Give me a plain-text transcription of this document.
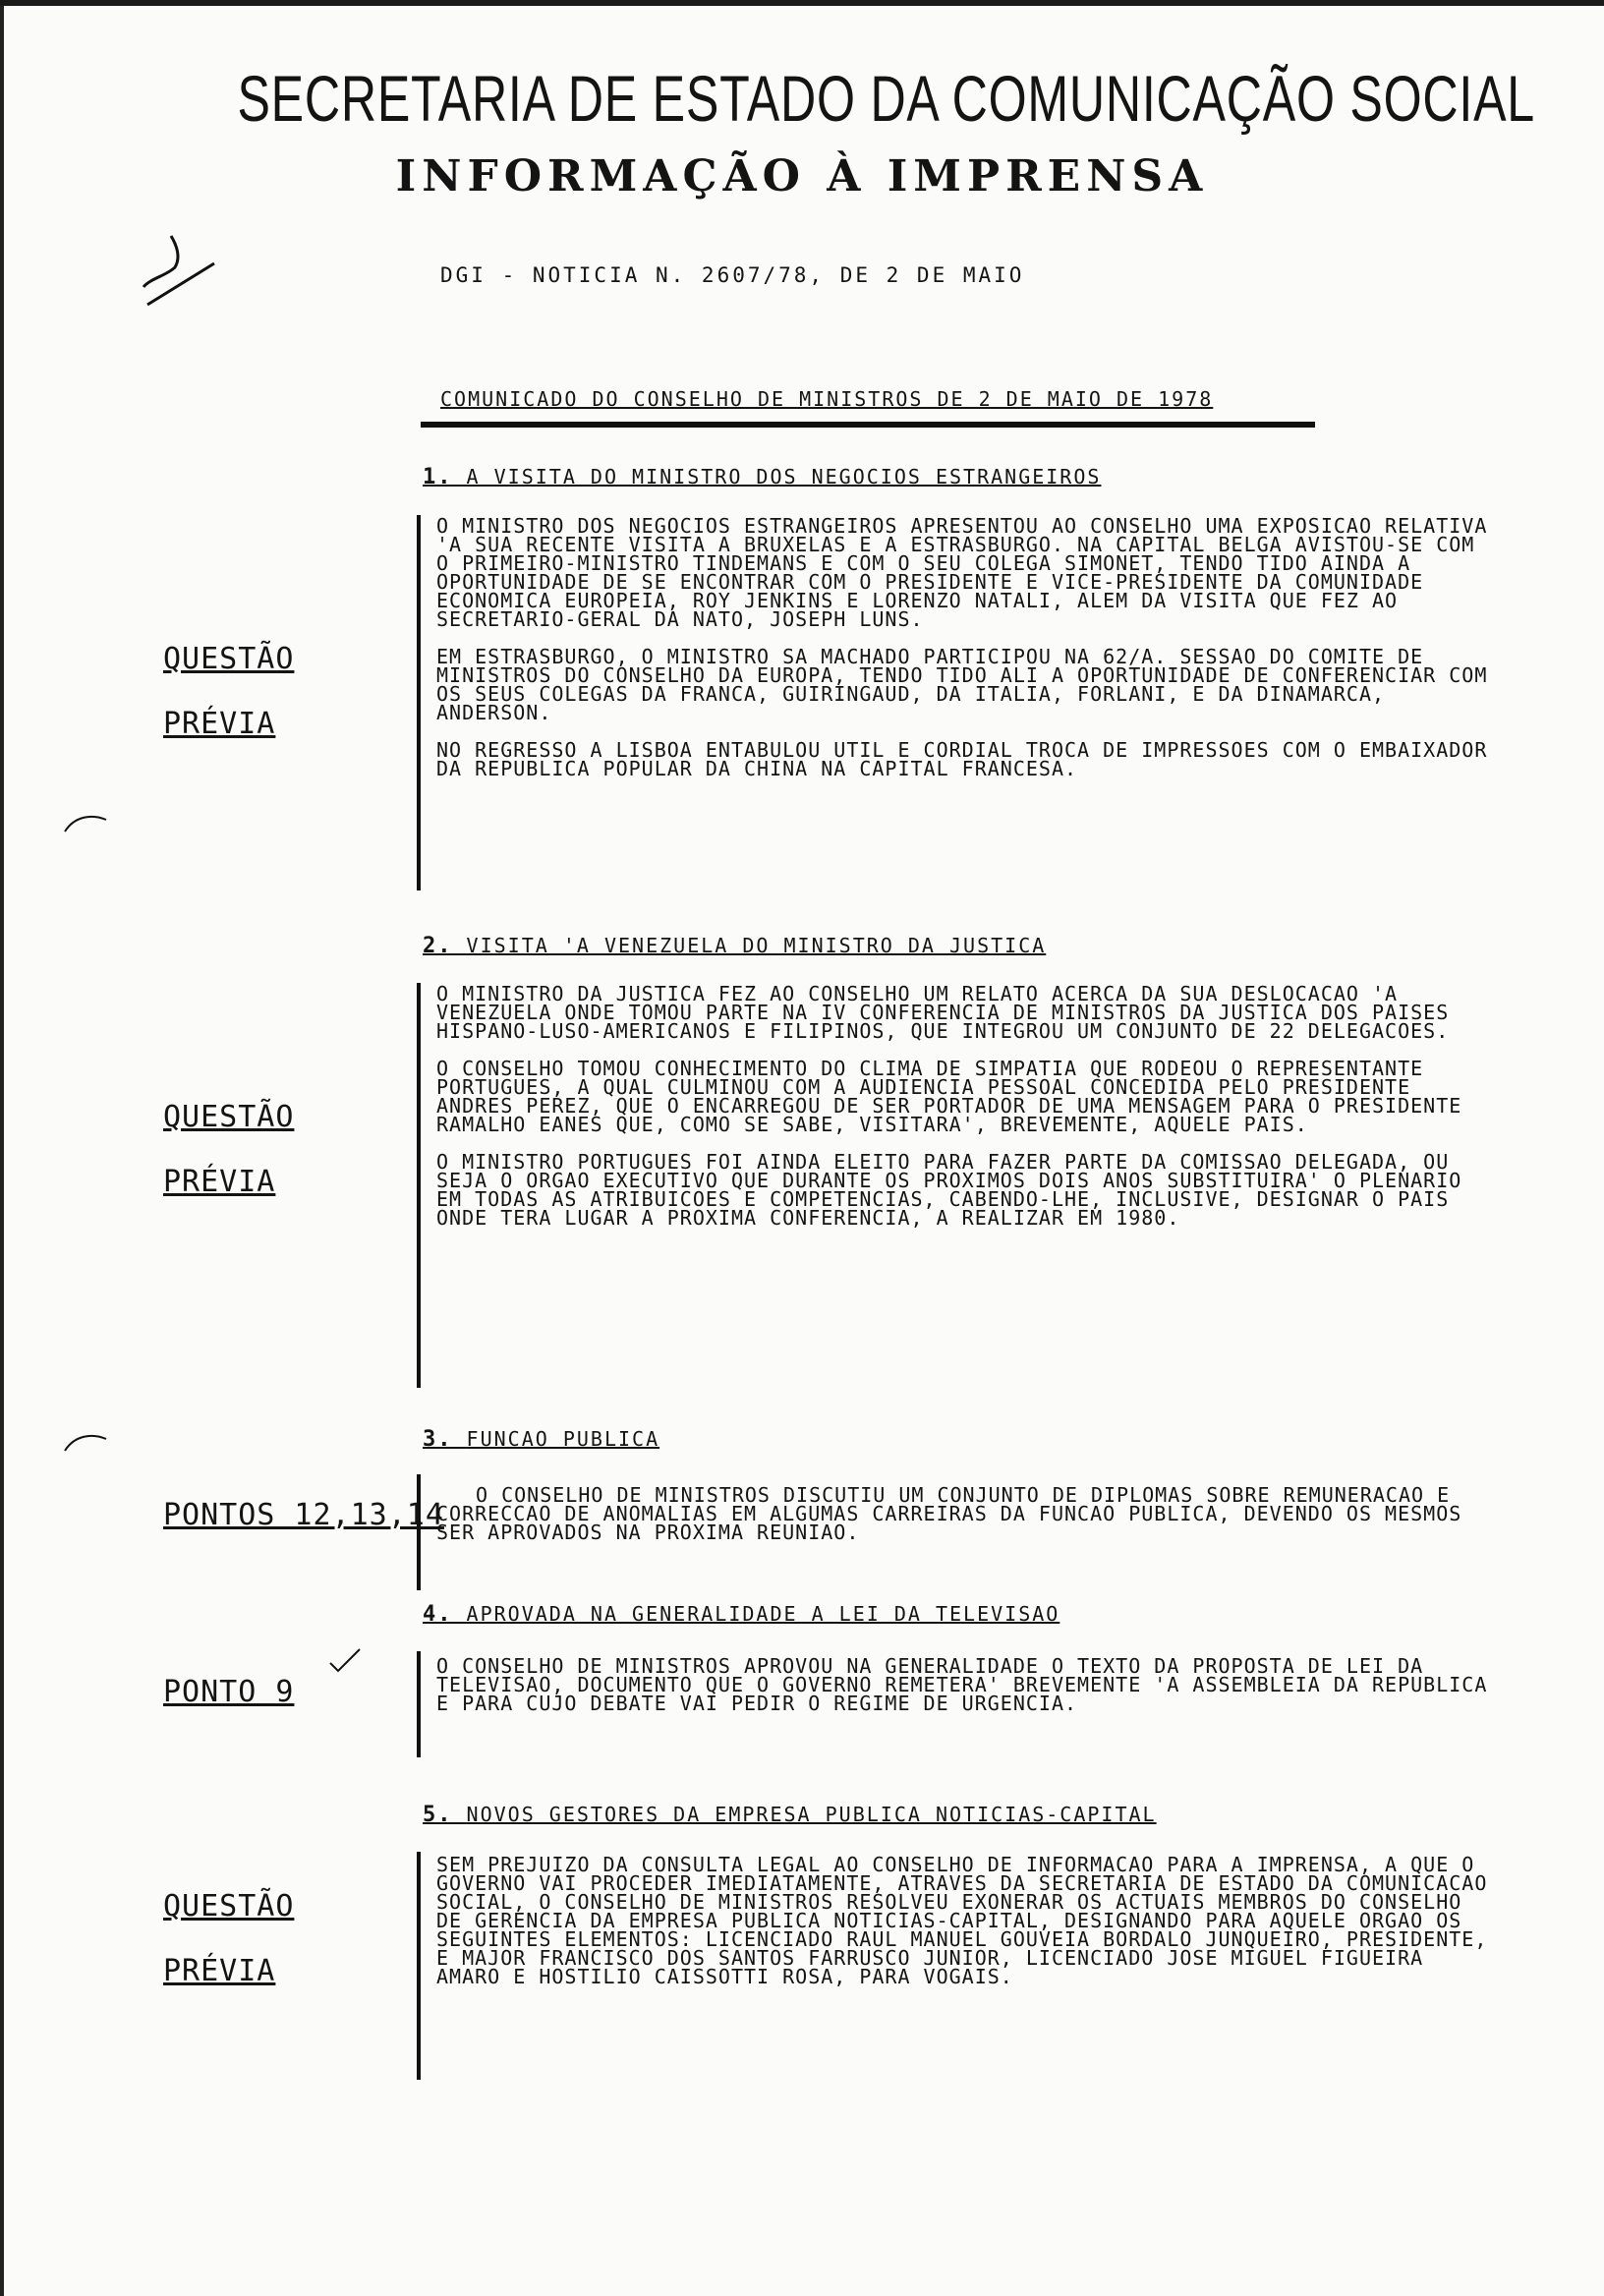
SECRETARIA DE ESTADO DA COMUNICAÇÃO SOCIAL
INFORMAÇÃO À IMPRENSA
DGI - NOTICIA N. 2607/78, DE 2 DE MAIO
COMUNICADO DO CONSELHO DE MINISTROS DE 2 DE MAIO DE 1978
1. A VISITA DO MINISTRO DOS NEGOCIOS ESTRANGEIROS

O MINISTRO DOS NEGOCIOS ESTRANGEIROS APRESENTOU AO CONSELHO UMA EXPOSICAO RELATIVA 'A SUA RECENTE VISITA A BRUXELAS E A ESTRASBURGO. NA CAPITAL BELGA AVISTOU-SE COM O PRIMEIRO-MINISTRO TINDEMANS E COM O SEU COLEGA SIMONET, TENDO TIDO AINDA A OPORTUNIDADE DE SE ENCONTRAR COM O PRESIDENTE E VICE-PRESIDENTE DA COMUNIDADE ECONOMICA EUROPEIA, ROY JENKINS E LORENZO NATALI, ALEM DA VISITA QUE FEZ AO SECRETARIO-GERAL DA NATO, JOSEPH LUNS.

EM ESTRASBURGO, O MINISTRO SA MACHADO PARTICIPOU NA 62/A. SESSAO DO COMITE DE MINISTROS DO CONSELHO DA EUROPA, TENDO TIDO ALI A OPORTUNIDADE DE CONFERENCIAR COM OS SEUS COLEGAS DA FRANCA, GUIRINGAUD, DA ITALIA, FORLANI, E DA DINAMARCA, ANDERSON.

NO REGRESSO A LISBOA ENTABULOU UTIL E CORDIAL TROCA DE IMPRESSOES COM O EMBAIXADOR DA REPUBLICA POPULAR DA CHINA NA CAPITAL FRANCESA.

QUESTÃO
PRÉVIA
2. VISITA 'A VENEZUELA DO MINISTRO DA JUSTICA

O MINISTRO DA JUSTICA FEZ AO CONSELHO UM RELATO ACERCA DA SUA DESLOCACAO 'A VENEZUELA ONDE TOMOU PARTE NA IV CONFERENCIA DE MINISTROS DA JUSTICA DOS PAISES HISPANO-LUSO-AMERICANOS E FILIPINOS, QUE INTEGROU UM CONJUNTO DE 22 DELEGACOES.

O CONSELHO TOMOU CONHECIMENTO DO CLIMA DE SIMPATIA QUE RODEOU O REPRESENTANTE PORTUGUES, A QUAL CULMINOU COM A AUDIENCIA PESSOAL CONCEDIDA PELO PRESIDENTE ANDRES PEREZ, QUE O ENCARREGOU DE SER PORTADOR DE UMA MENSAGEM PARA O PRESIDENTE RAMALHO EANES QUE, COMO SE SABE, VISITARA', BREVEMENTE, AQUELE PAIS.

O MINISTRO PORTUGUES FOI AINDA ELEITO PARA FAZER PARTE DA COMISSAO DELEGADA, OU SEJA O ORGAO EXECUTIVO QUE DURANTE OS PROXIMOS DOIS ANOS SUBSTITUIRA' O PLENARIO EM TODAS AS ATRIBUICOES E COMPETENCIAS, CABENDO-LHE, INCLUSIVE, DESIGNAR O PAIS ONDE TERA LUGAR A PROXIMA CONFERENCIA, A REALIZAR EM 1980.

QUESTÃO
PRÉVIA
3. FUNCAO PUBLICA

O CONSELHO DE MINISTROS DISCUTIU UM CONJUNTO DE DIPLOMAS SOBRE REMUNERACAO E CORRECCAO DE ANOMALIAS EM ALGUMAS CARREIRAS DA FUNCAO PUBLICA, DEVENDO OS MESMOS SER APROVADOS NA PROXIMA REUNIAO.

PONTOS 12,13,14
4. APROVADA NA GENERALIDADE A LEI DA TELEVISAO

O CONSELHO DE MINISTROS APROVOU NA GENERALIDADE O TEXTO DA PROPOSTA DE LEI DA TELEVISAO, DOCUMENTO QUE O GOVERNO REMETERA' BREVEMENTE 'A ASSEMBLEIA DA REPUBLICA E PARA CUJO DEBATE VAI PEDIR O REGIME DE URGENCIA.

PONTO 9
5. NOVOS GESTORES DA EMPRESA PUBLICA NOTICIAS-CAPITAL

SEM PREJUIZO DA CONSULTA LEGAL AO CONSELHO DE INFORMACAO PARA A IMPRENSA, A QUE O GOVERNO VAI PROCEDER IMEDIATAMENTE, ATRAVES DA SECRETARIA DE ESTADO DA COMUNICACAO SOCIAL, O CONSELHO DE MINISTROS RESOLVEU EXONERAR OS ACTUAIS MEMBROS DO CONSELHO DE GERENCIA DA EMPRESA PUBLICA NOTICIAS-CAPITAL, DESIGNANDO PARA AQUELE ORGAO OS SEGUINTES ELEMENTOS: LICENCIADO RAUL MANUEL GOUVEIA BORDALO JUNQUEIRO, PRESIDENTE, E MAJOR FRANCISCO DOS SANTOS FARRUSCO JUNIOR, LICENCIADO JOSE MIGUEL FIGUEIRA AMARO E HOSTILIO CAISSOTTI ROSA, PARA VOGAIS.

QUESTÃO
PRÉVIA
